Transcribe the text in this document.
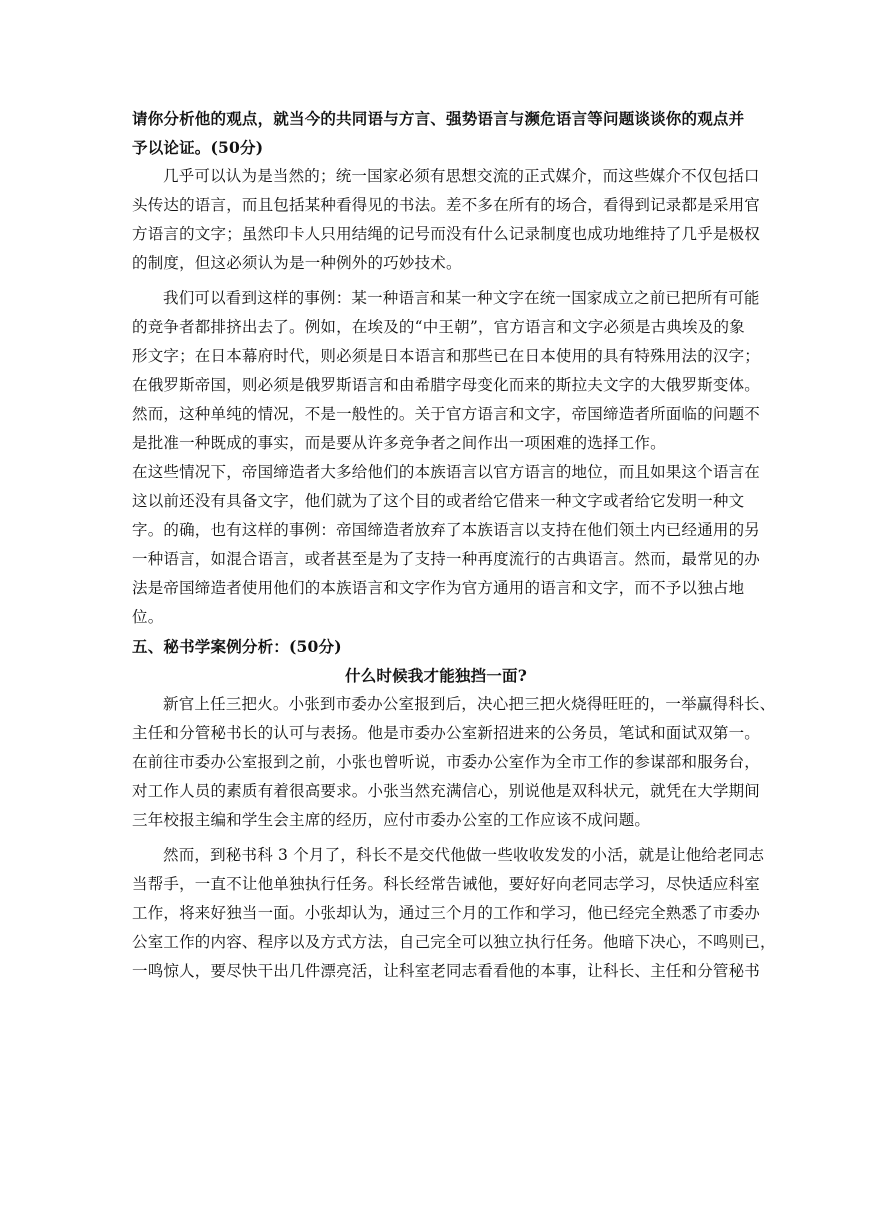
请你分析他的观点，就当今的共同语与方言、强势语言与濒危语言等问题谈谈你的观点并
予以论证。(50分)
几乎可以认为是当然的；统一国家必须有思想交流的正式媒介，而这些媒介不仅包括口
头传达的语言，而且包括某种看得见的书法。差不多在所有的场合，看得到记录都是采用官
方语言的文字；虽然印卡人只用结绳的记号而没有什么记录制度也成功地维持了几乎是极权
的制度，但这必须认为是一种例外的巧妙技术。
我们可以看到这样的事例：某一种语言和某一种文字在统一国家成立之前已把所有可能
的竞争者都排挤出去了。例如，在埃及的“中王朝”，官方语言和文字必须是古典埃及的象
形文字；在日本幕府时代，则必须是日本语言和那些已在日本使用的具有特殊用法的汉字；
在俄罗斯帝国，则必须是俄罗斯语言和由希腊字母变化而来的斯拉夫文字的大俄罗斯变体。
然而，这种单纯的情况，不是一般性的。关于官方语言和文字，帝国缔造者所面临的问题不
是批准一种既成的事实，而是要从许多竞争者之间作出一项困难的选择工作。
在这些情况下，帝国缔造者大多给他们的本族语言以官方语言的地位，而且如果这个语言在
这以前还没有具备文字，他们就为了这个目的或者给它借来一种文字或者给它发明一种文
字。的确，也有这样的事例：帝国缔造者放弃了本族语言以支持在他们领土内已经通用的另
一种语言，如混合语言，或者甚至是为了支持一种再度流行的古典语言。然而，最常见的办
法是帝国缔造者使用他们的本族语言和文字作为官方通用的语言和文字，而不予以独占地
位。
五、秘书学案例分析：(50分)
什么时候我才能独挡一面?
新官上任三把火。小张到市委办公室报到后，决心把三把火烧得旺旺的，一举赢得科长、
主任和分管秘书长的认可与表扬。他是市委办公室新招进来的公务员，笔试和面试双第一。
在前往市委办公室报到之前，小张也曾听说，市委办公室作为全市工作的参谋部和服务台，
对工作人员的素质有着很高要求。小张当然充满信心，别说他是双科状元，就凭在大学期间
三年校报主编和学生会主席的经历，应付市委办公室的工作应该不成问题。
然而，到秘书科 3 个月了，科长不是交代他做一些收收发发的小活，就是让他给老同志
当帮手，一直不让他单独执行任务。科长经常告诫他，要好好向老同志学习，尽快适应科室
工作，将来好独当一面。小张却认为，通过三个月的工作和学习，他已经完全熟悉了市委办
公室工作的内容、程序以及方式方法，自己完全可以独立执行任务。他暗下决心，不鸣则已，
一鸣惊人，要尽快干出几件漂亮活，让科室老同志看看他的本事，让科长、主任和分管秘书
